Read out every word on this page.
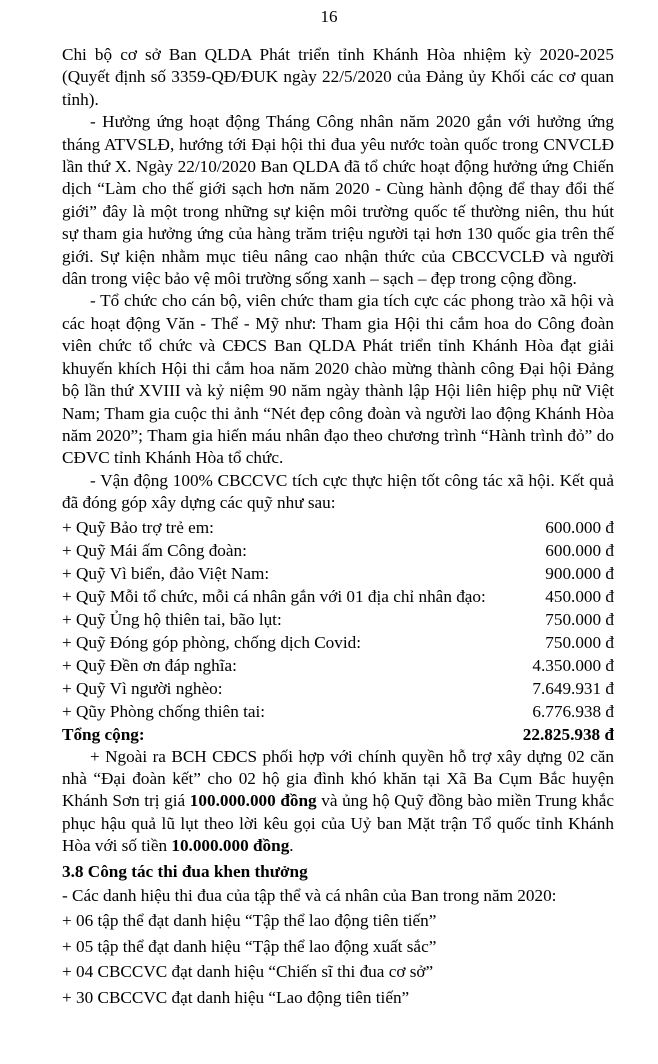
16

Chi bộ cơ sở Ban QLDA Phát triển tỉnh Khánh Hòa nhiệm kỳ 2020-2025 (Quyết định số 3359-QĐ/ĐUK ngày 22/5/2020 của Đảng ủy Khối các cơ quan tỉnh).

- Hưởng ứng hoạt động Tháng Công nhân năm 2020 gắn với hưởng ứng tháng ATVSLĐ, hướng tới Đại hội thi đua yêu nước toàn quốc trong CNVCLĐ lần thứ X. Ngày 22/10/2020 Ban QLDA đã tổ chức hoạt động hưởng ứng Chiến dịch “Làm cho thế giới sạch hơn năm 2020 - Cùng hành động để thay đổi thế giới” đây là một trong những sự kiện môi trường quốc tế thường niên, thu hút sự tham gia hưởng ứng của hàng trăm triệu người tại hơn 130 quốc gia trên thế giới. Sự kiện nhằm mục tiêu nâng cao nhận thức của CBCCVCLĐ và người dân trong việc bảo vệ môi trường sống xanh – sạch – đẹp trong cộng đồng.

- Tổ chức cho cán bộ, viên chức tham gia tích cực các phong trào xã hội và các hoạt động Văn - Thể - Mỹ như: Tham gia Hội thi cắm hoa do Công đoàn viên chức tổ chức và CĐCS Ban QLDA Phát triển tỉnh Khánh Hòa đạt giải khuyến khích Hội thi cắm hoa năm 2020 chào mừng thành công Đại hội Đảng bộ lần thứ XVIII và kỷ niệm 90 năm ngày thành lập Hội liên hiệp phụ nữ Việt Nam; Tham gia cuộc thi ảnh “Nét đẹp công đoàn và người lao động Khánh Hòa năm 2020”; Tham gia hiến máu nhân đạo theo chương trình “Hành trình đỏ” do CĐVC tỉnh Khánh Hòa tổ chức.

- Vận động 100% CBCCVC tích cực thực hiện tốt công tác xã hội. Kết quả đã đóng góp xây dựng các quỹ như sau:

+ Quỹ Bảo trợ trẻ em:	600.000 đ
+ Quỹ Mái ấm Công đoàn:	600.000 đ
+ Quỹ Vì biển, đảo Việt Nam:	900.000 đ
+ Quỹ Mỗi tổ chức, mỗi cá nhân gắn với 01 địa chỉ nhân đạo:	450.000 đ
+ Quỹ Ủng hộ thiên tai, bão lụt:	750.000 đ
+ Quỹ Đóng góp phòng, chống dịch Covid:	750.000 đ
+ Quỹ Đền ơn đáp nghĩa:	4.350.000 đ
+ Quỹ Vì người nghèo:	7.649.931 đ
+ Qũy Phòng chống thiên tai:	6.776.938 đ
Tổng cộng:	22.825.938 đ

+ Ngoài ra BCH CĐCS phối hợp với chính quyền hỗ trợ xây dựng 02 căn nhà “Đại đoàn kết” cho 02 hộ gia đình khó khăn tại Xã Ba Cụm Bắc huyện Khánh Sơn trị giá 100.000.000 đồng và ủng hộ Quỹ đồng bào miền Trung khắc phục hậu quả lũ lụt theo lời kêu gọi của Uỷ ban Mặt trận Tổ quốc tỉnh Khánh Hòa với số tiền 10.000.000 đồng.

3.8 Công tác thi đua khen thưởng

- Các danh hiệu thi đua của tập thể và cá nhân của Ban trong năm 2020:

+ 06 tập thể đạt danh hiệu “Tập thể lao động tiên tiến”

+ 05 tập thể đạt danh hiệu “Tập thể lao động xuất sắc”

+ 04 CBCCVC đạt danh hiệu “Chiến sĩ thi đua cơ sở”

+ 30 CBCCVC đạt danh hiệu “Lao động tiên tiến”
